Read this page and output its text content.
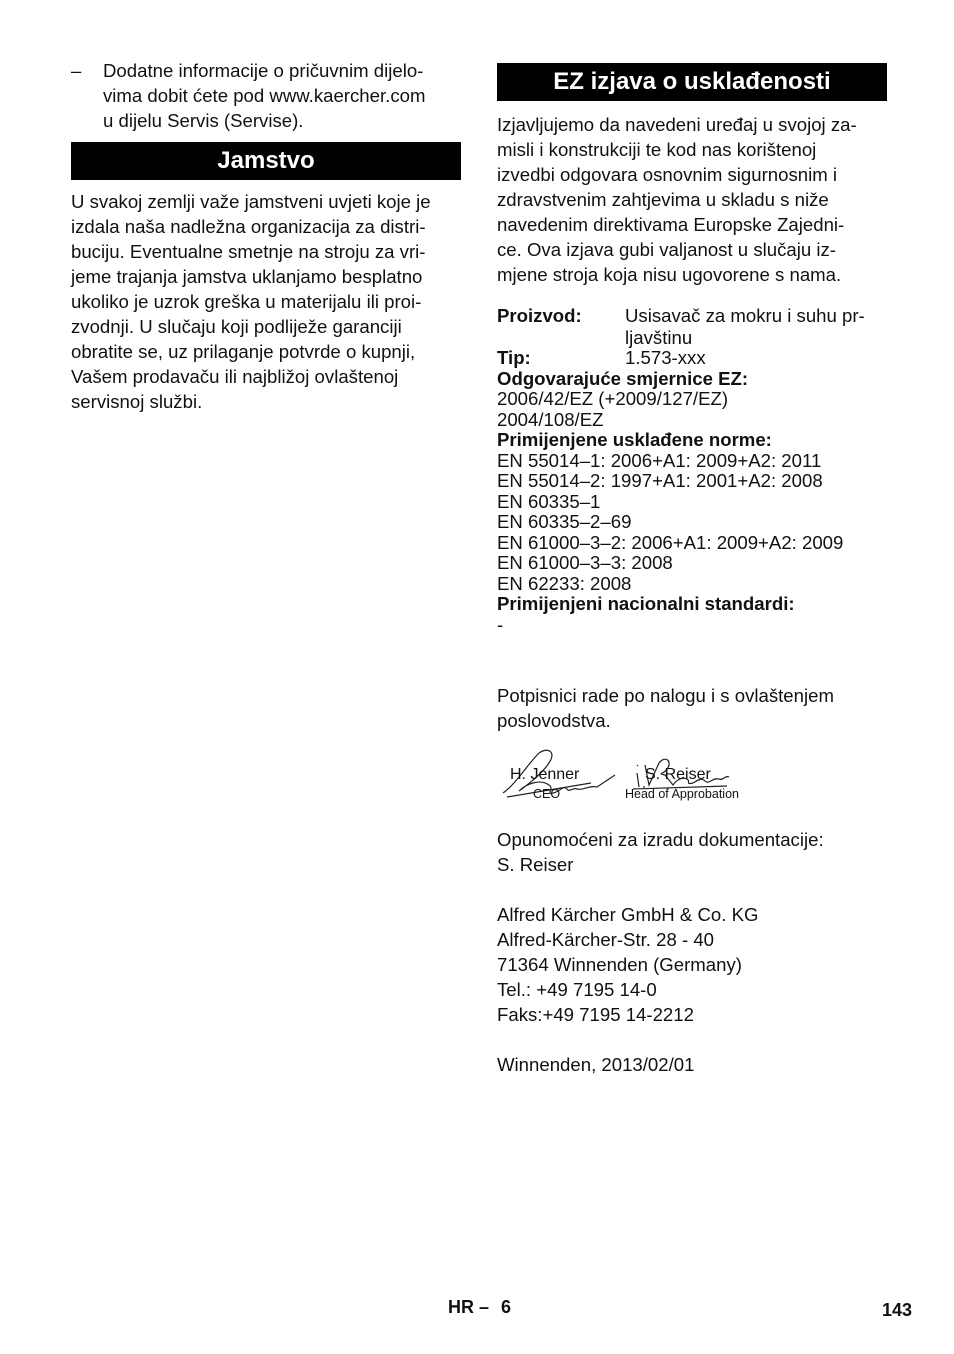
– Dodatne informacije o pričuvnim dijelo-
vima dobit ćete pod www.kaercher.com
u dijelu Servis (Servise).
Jamstvo

U svakoj zemlji važe jamstveni uvjeti koje je

izdala naša nadležna organizacija za distri-

buciju. Eventualne smetnje na stroju za vri-

jeme trajanja jamstva uklanjamo besplatno

ukoliko je uzrok greška u materijalu ili proi-

zvodnji. U slučaju koji podliježe garanciji

obratite se, uz prilaganje potvrde o kupnji,

Vašem prodavaču ili najbližoj ovlaštenoj

servisnoj službi.

EZ izjava o usklađenosti

Izjavljujemo da navedeni uređaj u svojoj za-

misli i konstrukciji te kod nas korištenoj

izvedbi odgovara osnovnim sigurnosnim i

zdravstvenim zahtjevima u skladu s niže

navedenim direktivama Europske Zajedni-

ce. Ova izjava gubi valjanost u slučaju iz-

mjene stroja koja nisu ugovorene s nama.

Proizvod:	Usisavač za mokru i suhu pr-
ljavštinu
Tip:	1.573-xxx

Odgovarajuće smjernice EZ:

2006/42/EZ (+2009/127/EZ)

2004/108/EZ

Primijenjene usklađene norme:

EN 55014–1: 2006+A1: 2009+A2: 2011

EN 55014–2: 1997+A1: 2001+A2: 2008

EN 60335–1

EN 60335–2–69

EN 61000–3–2: 2006+A1: 2009+A2: 2009

EN 61000–3–3: 2008

EN 62233: 2008

Primijenjeni nacionalni standardi:

-

Potpisnici rade po nalogu i s ovlaštenjem

poslovodstva.

H. Jenner
CEO
S. Reiser
Head of Approbation

Opunomoćeni za izradu dokumentacije:

S. Reiser

Alfred Kärcher GmbH & Co. KG

Alfred-Kärcher-Str. 28 - 40

71364 Winnenden (Germany)

Tel.: +49 7195 14-0

Faks:+49 7195 14-2212

Winnenden, 2013/02/01

HR – 6	143
